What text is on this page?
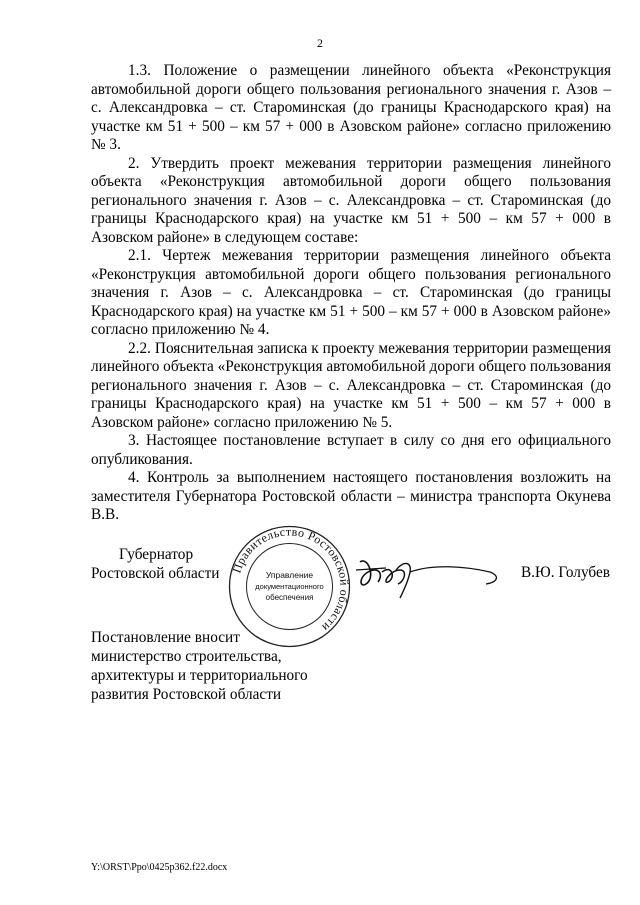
2

1.3. Положение о размещении линейного объекта «Реконструкция автомобильной дороги общего пользования регионального значения г. Азов – с. Александровка – ст. Староминская (до границы Краснодарского края) на участке км 51 + 500 – км 57 + 000 в Азовском районе» согласно приложению № 3.

2. Утвердить проект межевания территории размещения линейного объекта «Реконструкция автомобильной дороги общего пользования регионального значения г. Азов – с. Александровка – ст. Староминская (до границы Краснодарского края) на участке км 51 + 500 – км 57 + 000 в Азовском районе» в следующем составе:

2.1. Чертеж межевания территории размещения линейного объекта «Реконструкция автомобильной дороги общего пользования регионального значения г. Азов – с. Александровка – ст. Староминская (до границы Краснодарского края) на участке км 51 + 500 – км 57 + 000 в Азовском районе» согласно приложению № 4.

2.2. Пояснительная записка к проекту межевания территории размещения линейного объекта «Реконструкция автомобильной дороги общего пользования регионального значения г. Азов – с. Александровка – ст. Староминская (до границы Краснодарского края) на участке км 51 + 500 – км 57 + 000 в Азовском районе» согласно приложению № 5.

3. Настоящее постановление вступает в силу со дня его официального опубликования.

4. Контроль за выполнением настоящего постановления возложить на заместителя Губернатора Ростовской области – министра транспорта Окунева В.В.

Губернатор
Ростовской области Правительство Ростовской области
Управление
документационного
обеспечения
В.Ю. Голубев
Постановление вносит
министерство строительства,
архитектуры и территориального
развития Ростовской области
Y:\ORST\Ppo\0425p362.f22.docx
